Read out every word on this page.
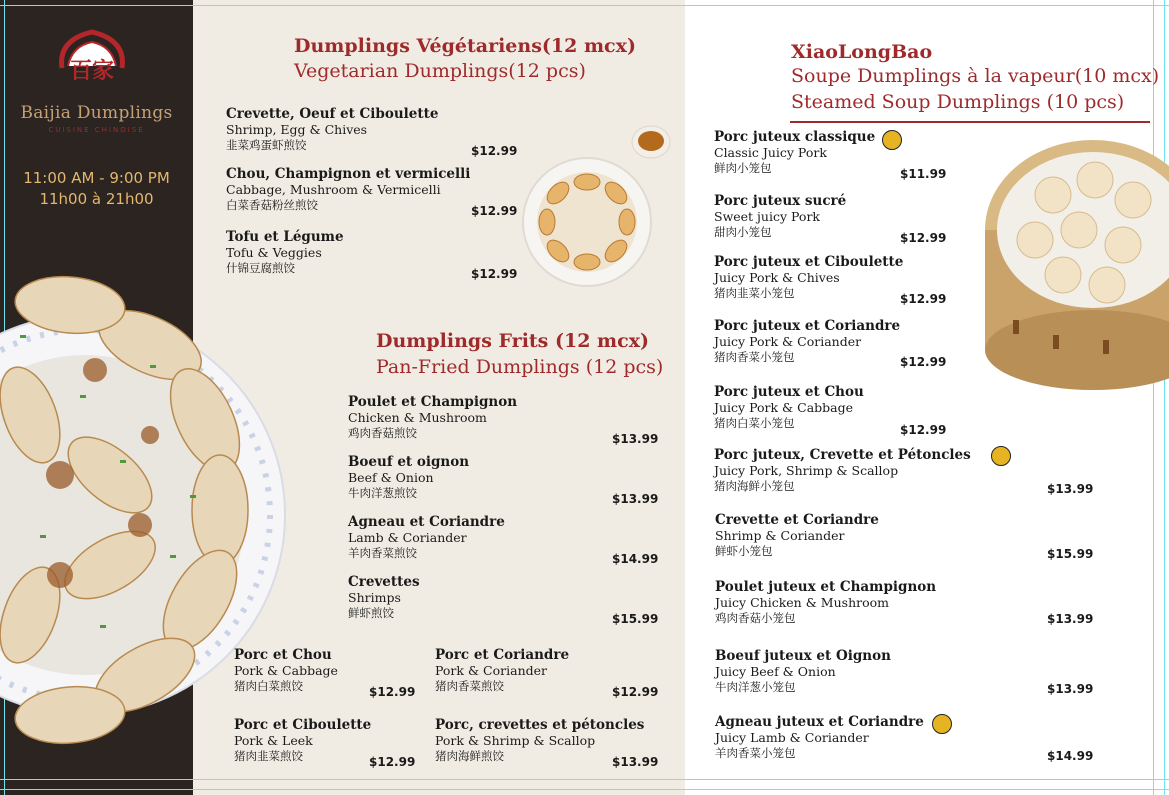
百家
Baijia Dumplings
CUISINE CHINOISE
11:00 AM - 9:00 PM
11h00 à 21h00
Dumplings Végétariens(12 mcx)
Vegetarian Dumplings(12 pcs)
Crevette, Oeuf et Ciboulette
Shrimp, Egg & Chives
韭菜鸡蛋虾煎饺	$12.99
Chou, Champignon et vermicelli
Cabbage, Mushroom & Vermicelli
白菜香菇粉丝煎饺	$12.99
Tofu et Légume
Tofu & Veggies
什锦豆腐煎饺	$12.99
Dumplings Frits (12 mcx)
Pan-Fried Dumplings (12 pcs)
Poulet et Champignon
Chicken & Mushroom
鸡肉香菇煎饺	$13.99
Boeuf et oignon
Beef & Onion
牛肉洋葱煎饺	$13.99
Agneau et Coriandre
Lamb & Coriander
羊肉香菜煎饺	$14.99
Crevettes
Shrimps
鲜虾煎饺	$15.99
Porc et Chou
Pork & Cabbage
猪肉白菜煎饺	$12.99
Porc et Coriandre
Pork & Coriander
猪肉香菜煎饺	$12.99
Porc et Ciboulette
Pork & Leek
猪肉韭菜煎饺	$12.99
Porc, crevettes et pétoncles
Pork & Shrimp & Scallop
猪肉海鲜煎饺	$13.99
XiaoLongBao
Soupe Dumplings à la vapeur(10 mcx)
Steamed Soup Dumplings (10 pcs)
Porc juteux classique
Classic Juicy Pork
鲜肉小笼包	$11.99
Porc juteux sucré
Sweet juicy Pork
甜肉小笼包	$12.99
Porc juteux et Ciboulette
Juicy Pork & Chives
猪肉韭菜小笼包	$12.99
Porc juteux et Coriandre
Juicy Pork & Coriander
猪肉香菜小笼包	$12.99
Porc juteux et Chou
Juicy Pork & Cabbage
猪肉白菜小笼包	$12.99
Porc juteux, Crevette et Pétoncles
Juicy Pork, Shrimp & Scallop
猪肉海鲜小笼包	$13.99
Crevette et Coriandre
Shrimp & Coriander
鲜虾小笼包	$15.99
Poulet juteux et Champignon
Juicy Chicken & Mushroom
鸡肉香菇小笼包	$13.99
Boeuf juteux et Oignon
Juicy Beef & Onion
牛肉洋葱小笼包	$13.99
Agneau juteux et Coriandre
Juicy Lamb & Coriander
羊肉香菜小笼包	$14.99
